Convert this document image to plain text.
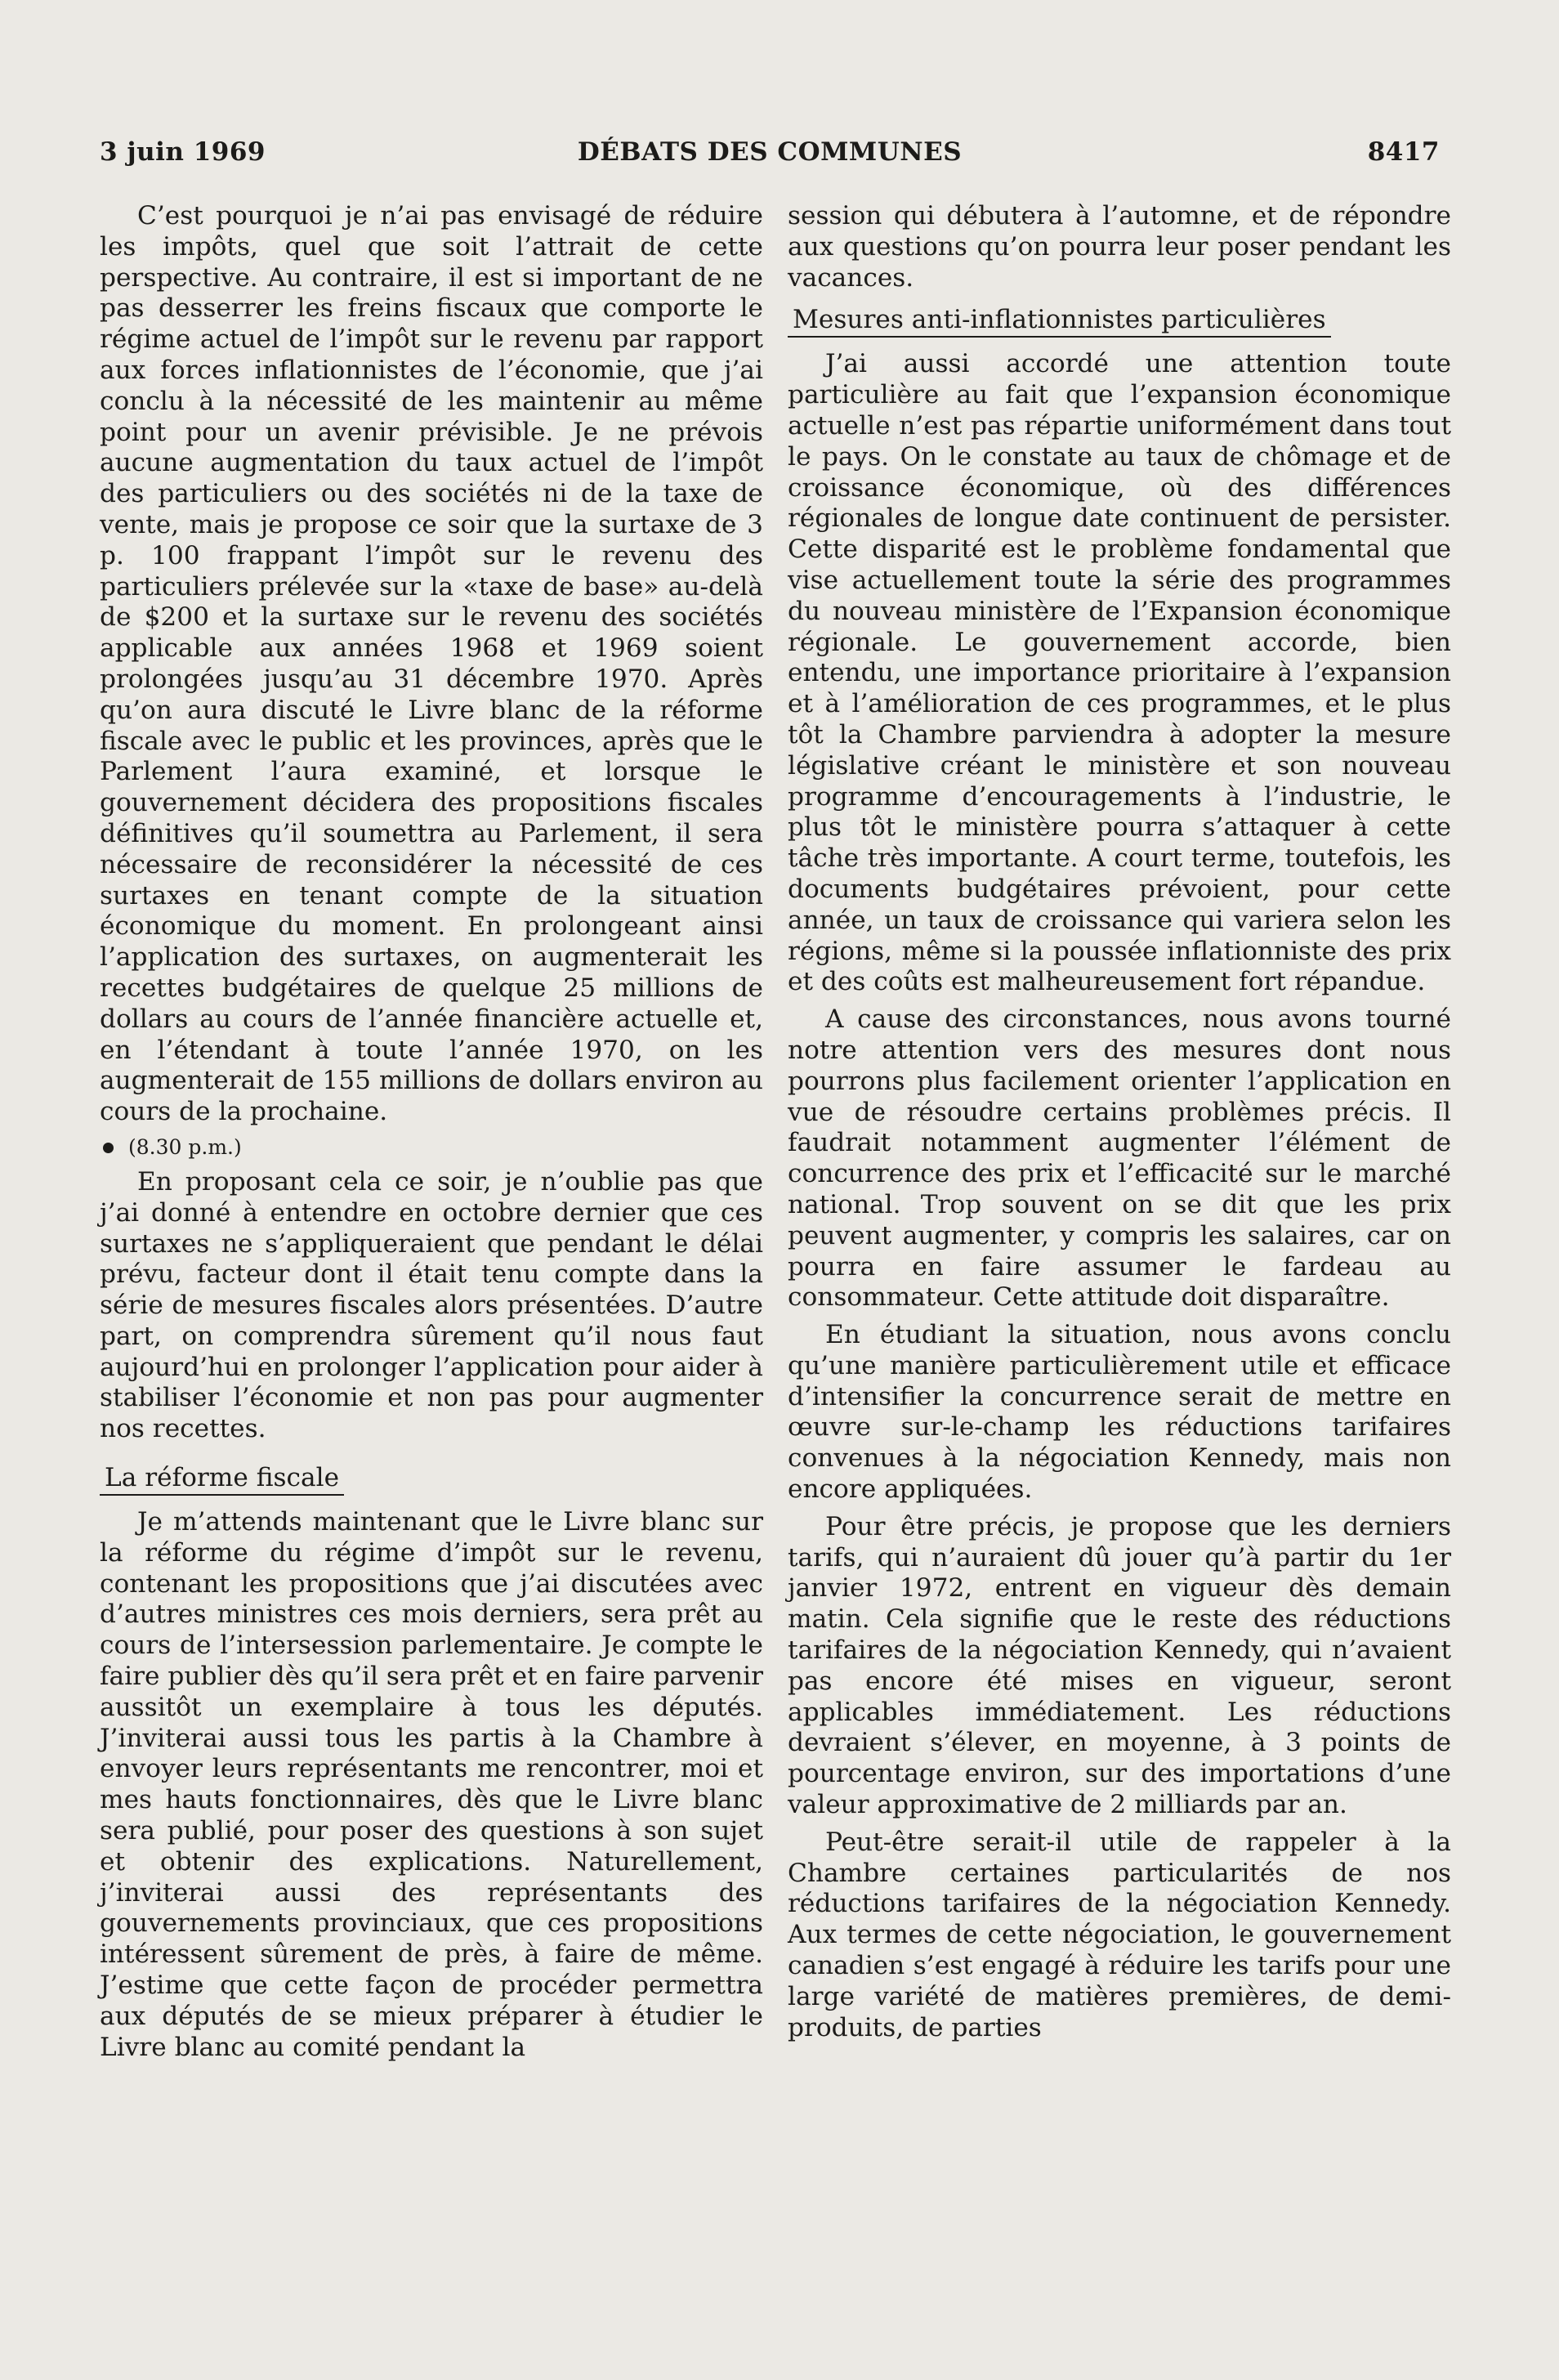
3 juin 1969	DÉBATS DES COMMUNES	8417

C’est pourquoi je n’ai pas envisagé de réduire les impôts, quel que soit l’attrait de cette perspective. Au contraire, il est si important de ne pas desserrer les freins fiscaux que comporte le régime actuel de l’impôt sur le revenu par rapport aux forces inflationnistes de l’économie, que j’ai conclu à la nécessité de les maintenir au même point pour un avenir prévisible. Je ne prévois aucune augmentation du taux actuel de l’impôt des particuliers ou des sociétés ni de la taxe de vente, mais je propose ce soir que la surtaxe de 3 p. 100 frappant l’impôt sur le revenu des particuliers prélevée sur la «taxe de base» au-delà de $200 et la surtaxe sur le revenu des sociétés applicable aux années 1968 et 1969 soient prolongées jusqu’au 31 décembre 1970. Après qu’on aura discuté le Livre blanc de la réforme fiscale avec le public et les provinces, après que le Parlement l’aura examiné, et lorsque le gouvernement décidera des propositions fiscales définitives qu’il soumettra au Parlement, il sera nécessaire de reconsidérer la nécessité de ces surtaxes en tenant compte de la situation économique du moment. En prolongeant ainsi l’application des surtaxes, on augmenterait les recettes budgétaires de quelque 25 millions de dollars au cours de l’année financière actuelle et, en l’étendant à toute l’année 1970, on les augmenterait de 155 millions de dollars environ au cours de la prochaine.

(8.30 p.m.)

En proposant cela ce soir, je n’oublie pas que j’ai donné à entendre en octobre dernier que ces surtaxes ne s’appliqueraient que pendant le délai prévu, facteur dont il était tenu compte dans la série de mesures fiscales alors présentées. D’autre part, on comprendra sûrement qu’il nous faut aujourd’hui en prolonger l’application pour aider à stabiliser l’économie et non pas pour augmenter nos recettes.

La réforme fiscale

Je m’attends maintenant que le Livre blanc sur la réforme du régime d’impôt sur le revenu, contenant les propositions que j’ai discutées avec d’autres ministres ces mois derniers, sera prêt au cours de l’intersession parlementaire. Je compte le faire publier dès qu’il sera prêt et en faire parvenir aussitôt un exemplaire à tous les députés. J’inviterai aussi tous les partis à la Chambre à envoyer leurs représentants me rencontrer, moi et mes hauts fonctionnaires, dès que le Livre blanc sera publié, pour poser des questions à son sujet et obtenir des explications. Naturellement, j’inviterai aussi des représentants des gouvernements provinciaux, que ces propositions intéressent sûrement de près, à faire de même. J’estime que cette façon de procéder permettra aux députés de se mieux préparer à étudier le Livre blanc au comité pendant la

session qui débutera à l’automne, et de répondre aux questions qu’on pourra leur poser pendant les vacances.

Mesures anti-inflationnistes particulières

J’ai aussi accordé une attention toute particulière au fait que l’expansion économique actuelle n’est pas répartie uniformément dans tout le pays. On le constate au taux de chômage et de croissance économique, où des différences régionales de longue date continuent de persister. Cette disparité est le problème fondamental que vise actuellement toute la série des programmes du nouveau ministère de l’Expansion économique régionale. Le gouvernement accorde, bien entendu, une importance prioritaire à l’expansion et à l’amélioration de ces programmes, et le plus tôt la Chambre parviendra à adopter la mesure législative créant le ministère et son nouveau programme d’encouragements à l’industrie, le plus tôt le ministère pourra s’attaquer à cette tâche très importante. A court terme, toutefois, les documents budgétaires prévoient, pour cette année, un taux de croissance qui variera selon les régions, même si la poussée inflationniste des prix et des coûts est malheureusement fort répandue.

A cause des circonstances, nous avons tourné notre attention vers des mesures dont nous pourrons plus facilement orienter l’application en vue de résoudre certains problèmes précis. Il faudrait notamment augmenter l’élément de concurrence des prix et l’efficacité sur le marché national. Trop souvent on se dit que les prix peuvent augmenter, y compris les salaires, car on pourra en faire assumer le fardeau au consommateur. Cette attitude doit disparaître.

En étudiant la situation, nous avons conclu qu’une manière particulièrement utile et efficace d’intensifier la concurrence serait de mettre en œuvre sur-le-champ les réductions tarifaires convenues à la négociation Kennedy, mais non encore appliquées.

Pour être précis, je propose que les derniers tarifs, qui n’auraient dû jouer qu’à partir du 1er janvier 1972, entrent en vigueur dès demain matin. Cela signifie que le reste des réductions tarifaires de la négociation Kennedy, qui n’avaient pas encore été mises en vigueur, seront applicables immédiatement. Les réductions devraient s’élever, en moyenne, à 3 points de pourcentage environ, sur des importations d’une valeur approximative de 2 milliards par an.

Peut-être serait-il utile de rappeler à la Chambre certaines particularités de nos réductions tarifaires de la négociation Kennedy. Aux termes de cette négociation, le gouvernement canadien s’est engagé à réduire les tarifs pour une large variété de matières premières, de demi-produits, de parties
